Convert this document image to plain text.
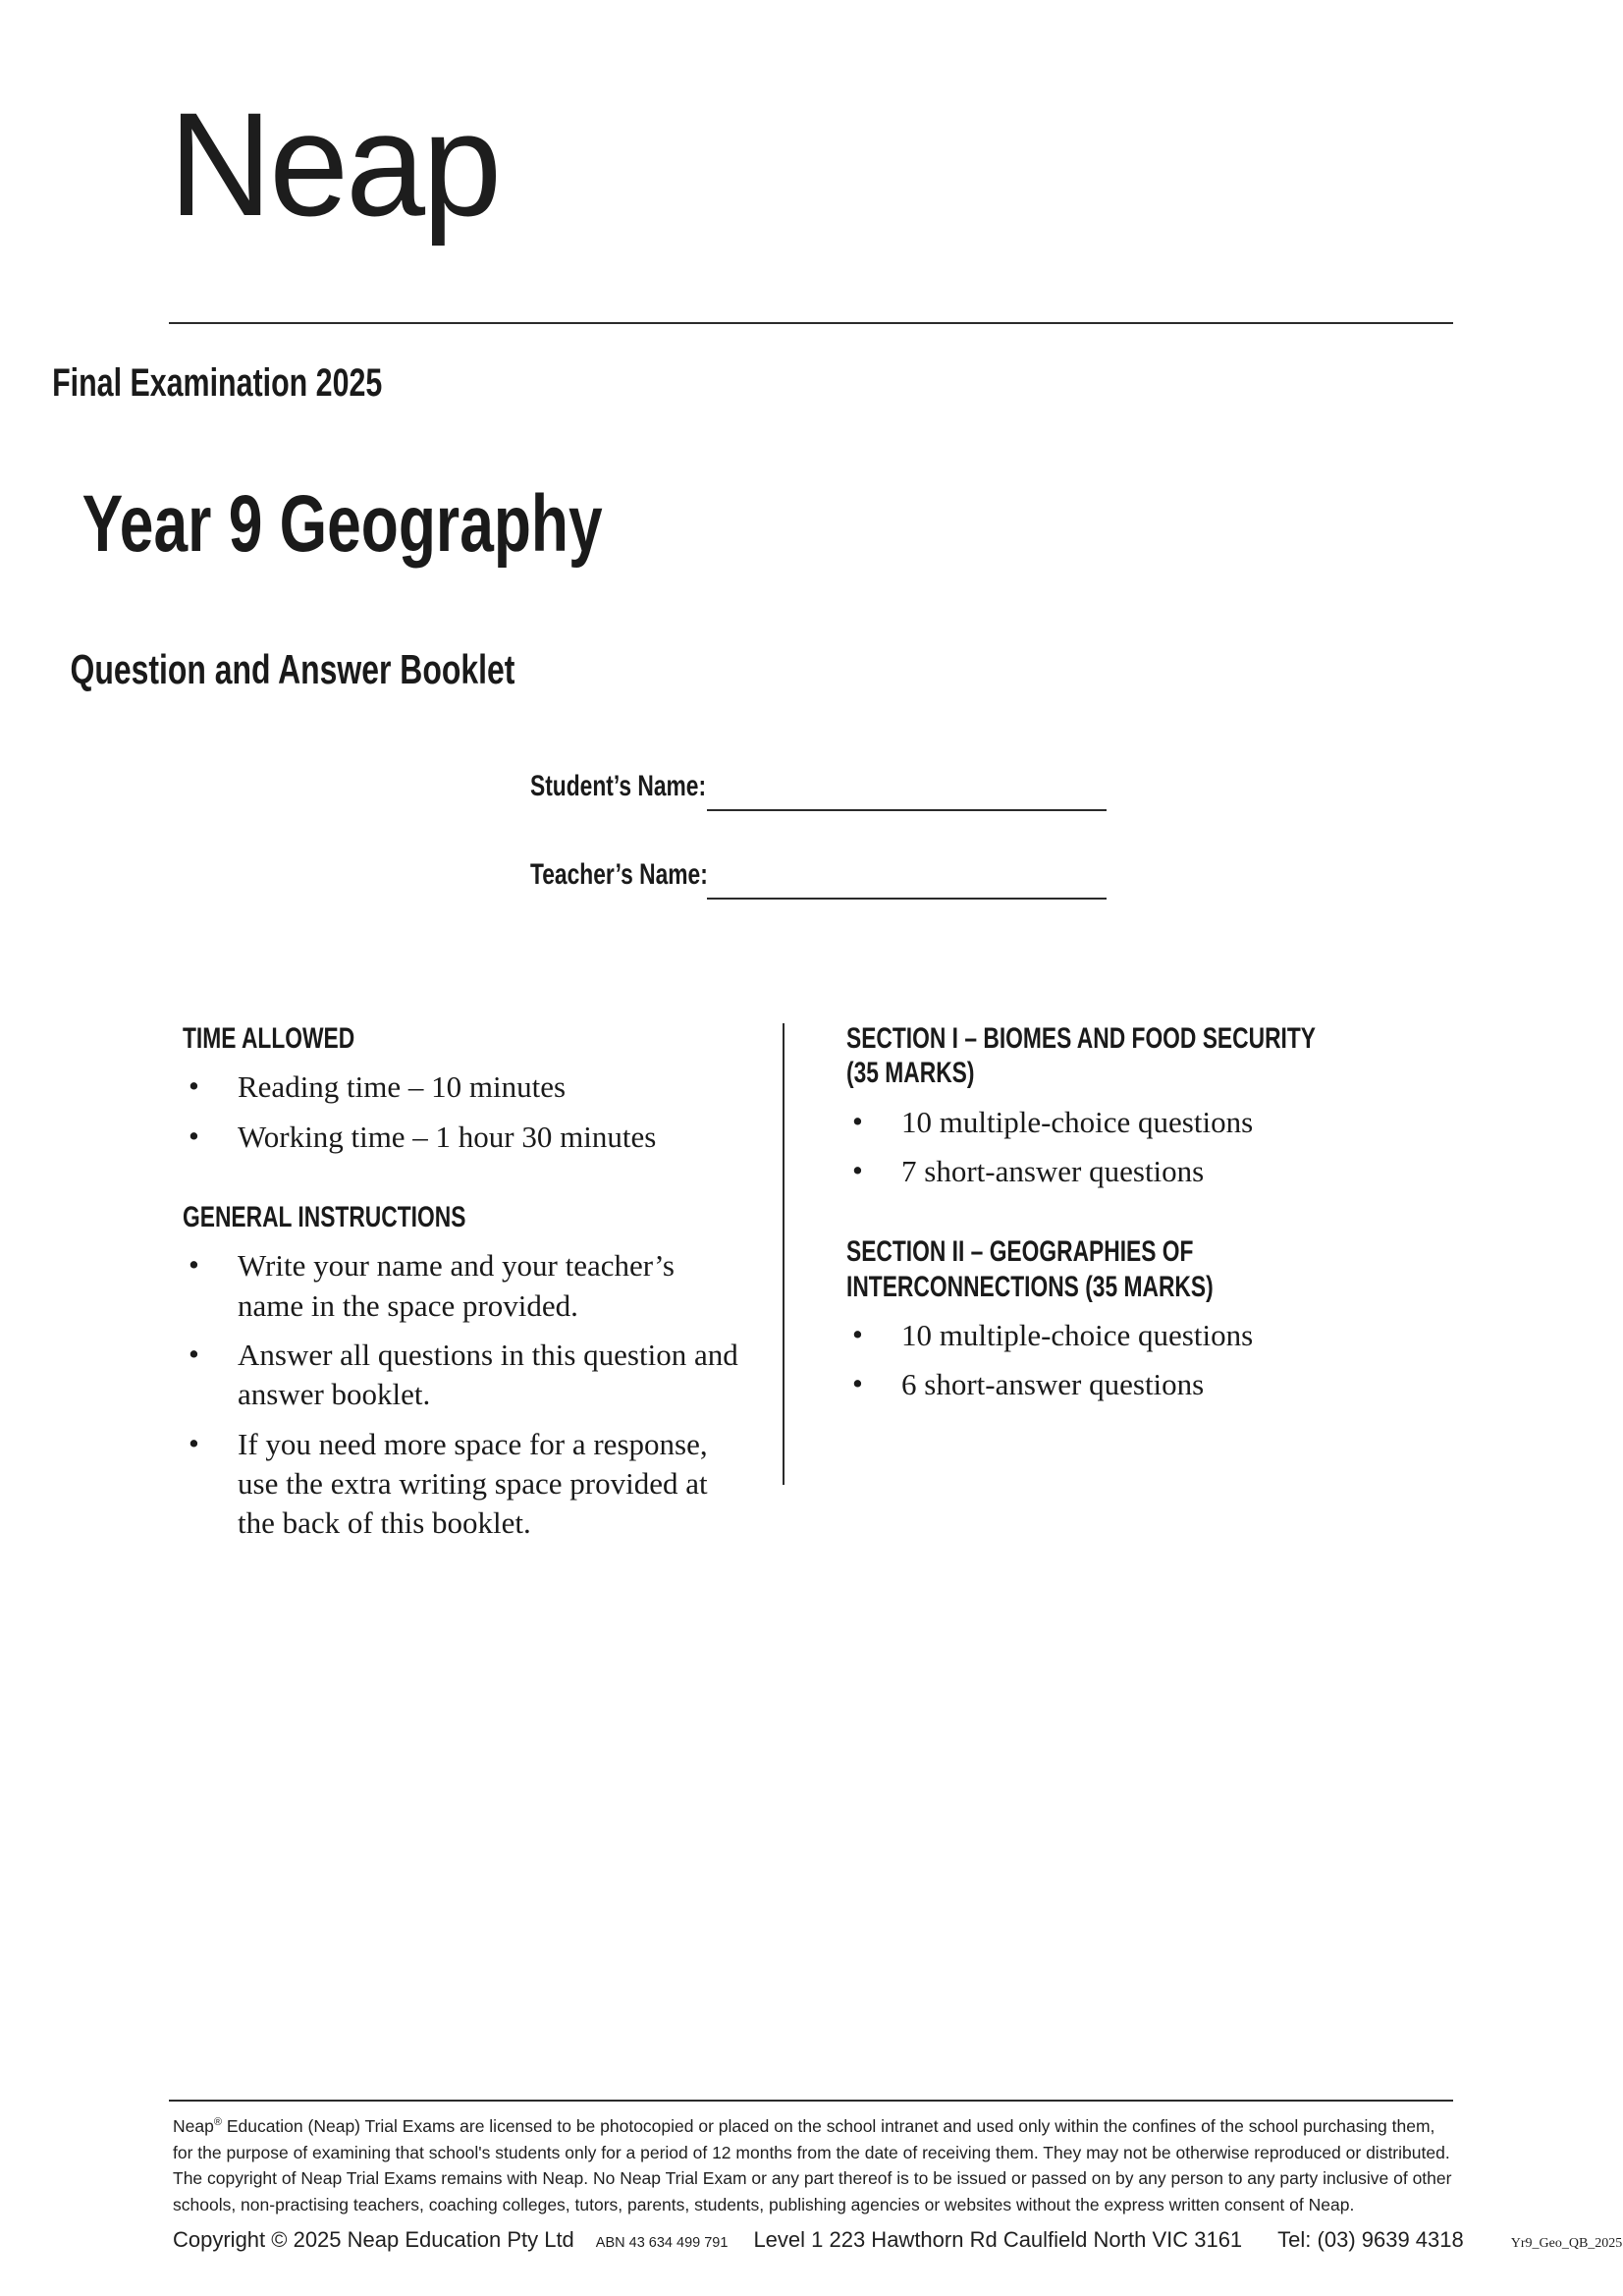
Neap
Final Examination 2025
Year 9 Geography
Question and Answer Booklet
Student’s Name:
Teacher’s Name:
TIME ALLOWED
• Reading time – 10 minutes
• Working time – 1 hour 30 minutes
GENERAL INSTRUCTIONS
• Write your name and your teacher’s name in the space provided.
• Answer all questions in this question and answer booklet.
• If you need more space for a response, use the extra writing space provided at the back of this booklet.
SECTION I – BIOMES AND FOOD SECURITY
(35 MARKS)
• 10 multiple-choice questions
• 7 short-answer questions
SECTION II – GEOGRAPHIES OF
INTERCONNECTIONS (35 MARKS)
• 10 multiple-choice questions
• 6 short-answer questions
Neap® Education (Neap) Trial Exams are licensed to be photocopied or placed on the school intranet and used only within the confines of the school purchasing them, for the purpose of examining that school's students only for a period of 12 months from the date of receiving them. They may not be otherwise reproduced or distributed. The copyright of Neap Trial Exams remains with Neap. No Neap Trial Exam or any part thereof is to be issued or passed on by any person to any party inclusive of other schools, non-practising teachers, coaching colleges, tutors, parents, students, publishing agencies or websites without the express written consent of Neap.
Copyright © 2025 Neap Education Pty Ltd ABN 43 634 499 791 Level 1 223 Hawthorn Rd Caulfield North VIC 3161 Tel: (03) 9639 4318	Yr9_Geo_QB_2025
